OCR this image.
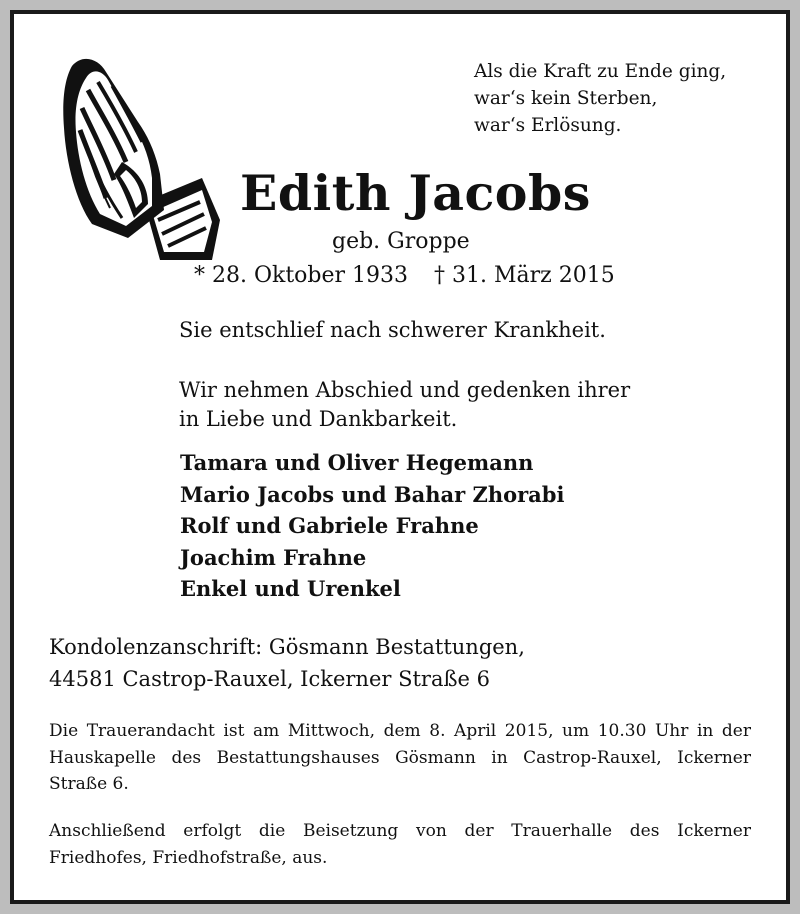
Als die Kraft zu Ende ging,
war‘s kein Sterben,
war‘s Erlösung.
Edith Jacobs
geb. Groppe
* 28. Oktober 1933 † 31. März 2015
Sie entschlief nach schwerer Krankheit.
Wir nehmen Abschied und gedenken ihrer
in Liebe und Dankbarkeit.
Tamara und Oliver Hegemann
Mario Jacobs und Bahar Zhorabi
Rolf und Gabriele Frahne
Joachim Frahne
Enkel und Urenkel
Kondolenzanschrift: Gösmann Bestattungen,
44581 Castrop-Rauxel, Ickerner Straße 6
Die Trauerandacht ist am Mittwoch, dem 8. April 2015, um 10.30 Uhr in der Hauskapelle des Bestattungshauses Gösmann in Castrop-Rauxel, Ickerner Straße 6.
Anschließend erfolgt die Beisetzung von der Trauerhalle des Ickerner Friedhofes, Friedhofstraße, aus.
